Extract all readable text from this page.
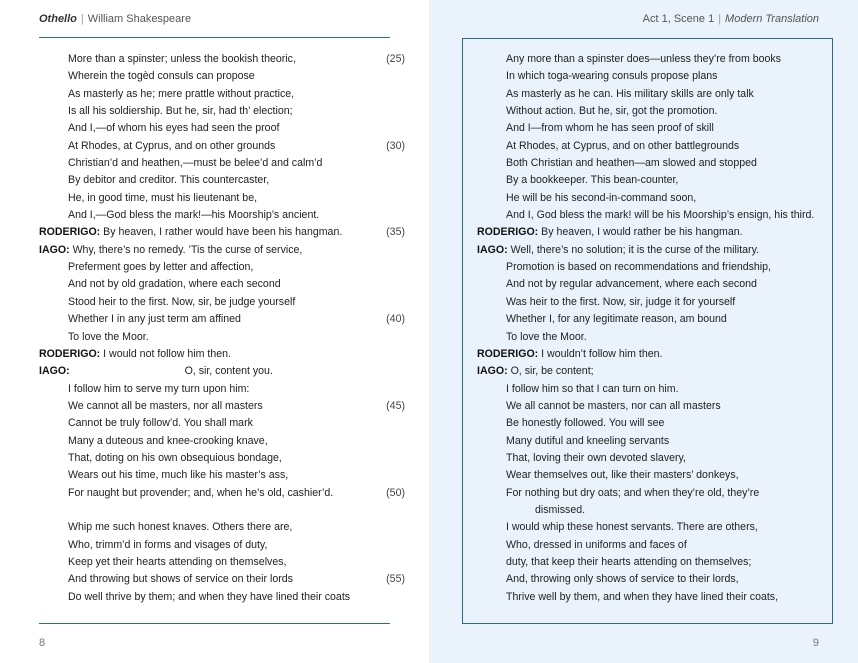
Othello | William Shakespeare
More than a spinster; unless the bookish theoric,	(25)
Wherein the togèd consuls can propose
As masterly as he; mere prattle without practice,
Is all his soldiership. But he, sir, had th’ election;
And I,—of whom his eyes had seen the proof
At Rhodes, at Cyprus, and on other grounds	(30)
Christian’d and heathen,—must be belee’d and calm’d
By debitor and creditor. This countercaster,
He, in good time, must his lieutenant be,
And I,—God bless the mark!—his Moorship’s ancient.
RODERIGO: By heaven, I rather would have been his hangman.	(35)
IAGO: Why, there’s no remedy. ’Tis the curse of service,
Preferment goes by letter and affection,
And not by old gradation, where each second
Stood heir to the first. Now, sir, be judge yourself
Whether I in any just term am affined	(40)
To love the Moor.
RODERIGO: I would not follow him then.
IAGO:	O, sir, content you.
I follow him to serve my turn upon him:
We cannot all be masters, nor all masters	(45)
Cannot be truly follow’d. You shall mark
Many a duteous and knee-crooking knave,
That, doting on his own obsequious bondage,
Wears out his time, much like his master’s ass,
For naught but provender; and, when he’s old, cashier’d.	(50)
Whip me such honest knaves. Others there are,
Who, trimm’d in forms and visages of duty,
Keep yet their hearts attending on themselves,
And throwing but shows of service on their lords	(55)
Do well thrive by them; and when they have lined their coats
8
Act 1, Scene 1 | Modern Translation
Any more than a spinster does—unless they’re from books
In which toga-wearing consuls propose plans
As masterly as he can. His military skills are only talk
Without action. But he, sir, got the promotion.
And I—from whom he has seen proof of skill
At Rhodes, at Cyprus, and on other battlegrounds
Both Christian and heathen—am slowed and stopped
By a bookkeeper. This bean-counter,
He will be his second-in-command soon,
And I, God bless the mark! will be his Moorship’s ensign, his third.
RODERIGO: By heaven, I would rather be his hangman.
IAGO: Well, there’s no solution; it is the curse of the military.
Promotion is based on recommendations and friendship,
And not by regular advancement, where each second
Was heir to the first. Now, sir, judge it for yourself
Whether I, for any legitimate reason, am bound
To love the Moor.
RODERIGO: I wouldn’t follow him then.
IAGO: O, sir, be content;
I follow him so that I can turn on him.
We all cannot be masters, nor can all masters
Be honestly followed. You will see
Many dutiful and kneeling servants
That, loving their own devoted slavery,
Wear themselves out, like their masters’ donkeys,
For nothing but dry oats; and when they’re old, they’re
dismissed.
I would whip these honest servants. There are others,
Who, dressed in uniforms and faces of
duty, that keep their hearts attending on themselves;
And, throwing only shows of service to their lords,
Thrive well by them, and when they have lined their coats,
9
